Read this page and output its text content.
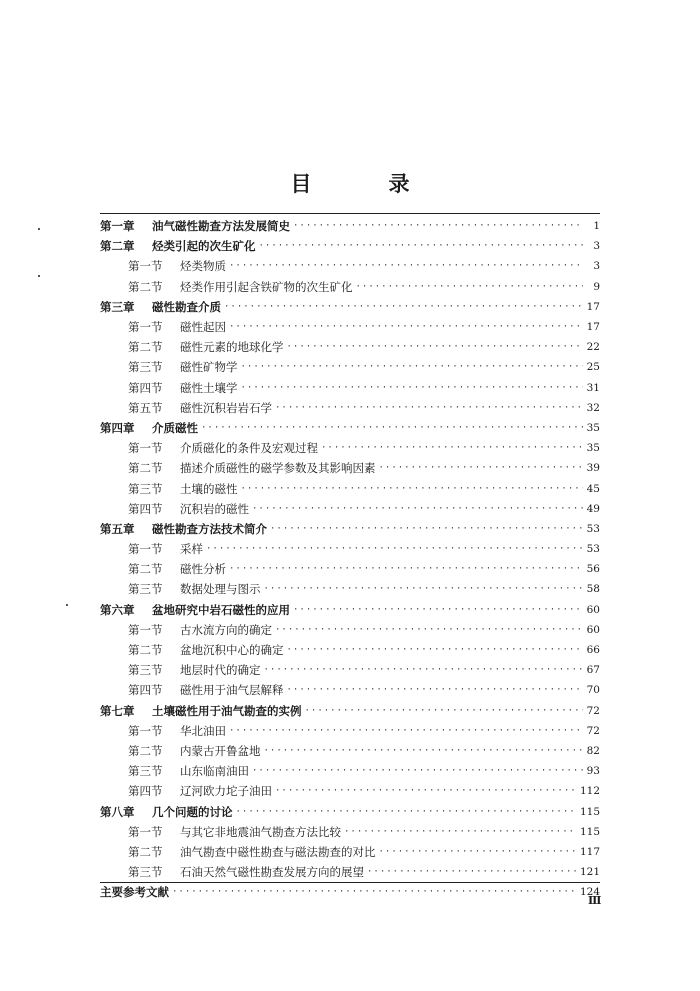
目　录
第一章	油气磁性勘查方法发展简史 ·····	1
第二章	烃类引起的次生矿化 ·····	3
第一节	烃类物质 ·····	3
第二节	烃类作用引起含铁矿物的次生矿化 ·····	9
第三章	磁性勘查介质 ·····	17
第一节	磁性起因 ·····	17
第二节	磁性元素的地球化学 ·····	22
第三节	磁性矿物学 ·····	25
第四节	磁性土壤学 ·····	31
第五节	磁性沉积岩岩石学 ·····	32
第四章	介质磁性 ·····	35
第一节	介质磁化的条件及宏观过程 ·····	35
第二节	描述介质磁性的磁学参数及其影响因素 ·····	39
第三节	土壤的磁性 ·····	45
第四节	沉积岩的磁性 ·····	49
第五章	磁性勘查方法技术简介 ·····	53
第一节	采样 ·····	53
第二节	磁性分析 ·····	56
第三节	数据处理与图示 ·····	58
第六章	盆地研究中岩石磁性的应用 ·····	60
第一节	古水流方向的确定 ·····	60
第二节	盆地沉积中心的确定 ·····	66
第三节	地层时代的确定 ·····	67
第四节	磁性用于油气层解释 ·····	70
第七章	土壤磁性用于油气勘查的实例 ·····	72
第一节	华北油田 ·····	72
第二节	内蒙古开鲁盆地 ·····	82
第三节	山东临南油田 ·····	93
第四节	辽河欧力坨子油田 ·····	112
第八章	几个问题的讨论 ·····	115
第一节	与其它非地震油气勘查方法比较 ·····	115
第二节	油气勘查中磁性勘查与磁法勘查的对比 ·····	117
第三节	石油天然气磁性勘查发展方向的展望 ·····	121
主要参考文献 ·····	124
Ⅲ
